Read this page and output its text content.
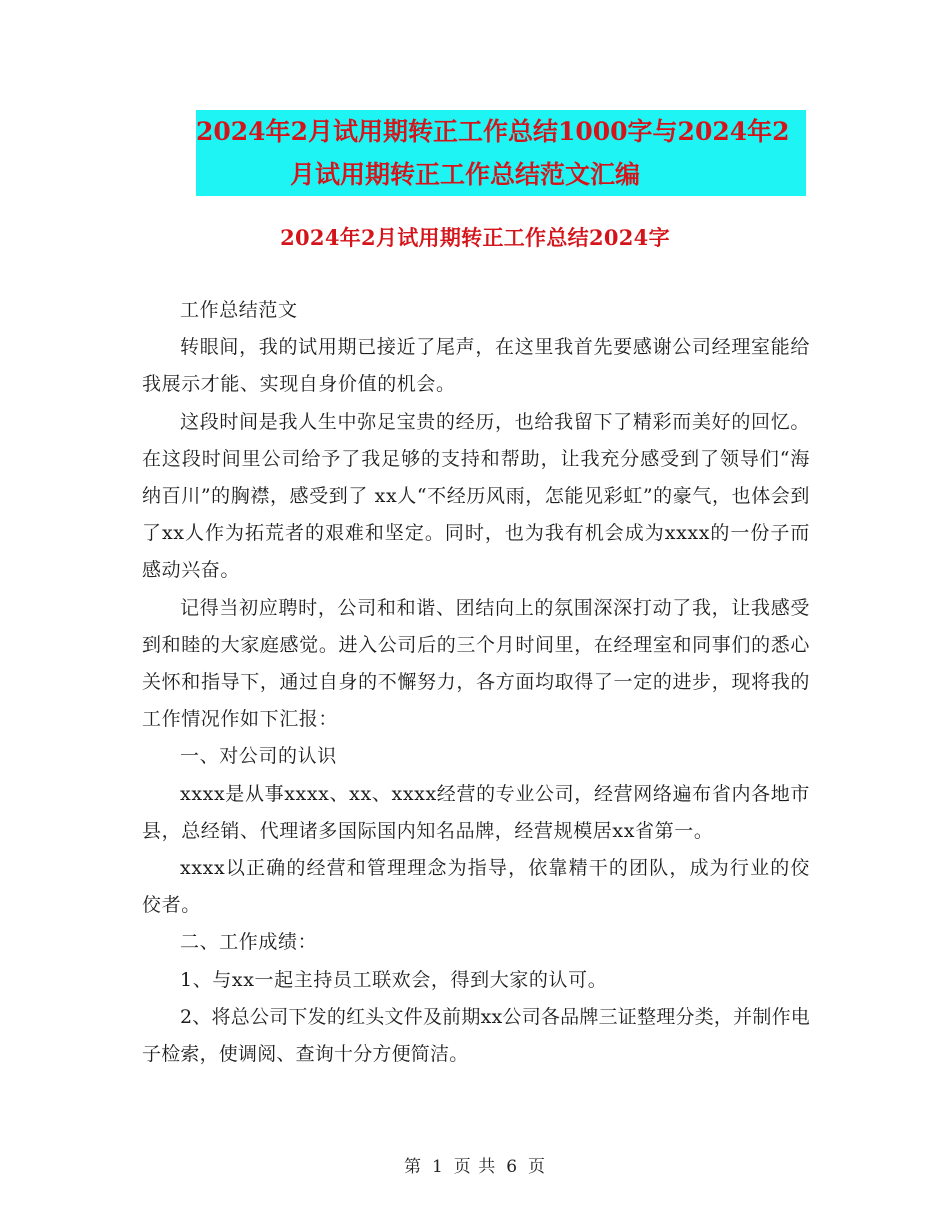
2024年2月试用期转正工作总结1000字与2024年2
月试用期转正工作总结范文汇编
2024年2月试用期转正工作总结2024字

工作总结范文

转眼间，我的试用期已接近了尾声，在这里我首先要感谢公司经理室能给我展示才能、实现自身价值的机会。

这段时间是我人生中弥足宝贵的经历，也给我留下了精彩而美好的回忆。在这段时间里公司给予了我足够的支持和帮助，让我充分感受到了领导们“海纳百川”的胸襟，感受到了 xx人“不经历风雨，怎能见彩虹”的豪气，也体会到了xx人作为拓荒者的艰难和坚定。同时，也为我有机会成为xxxx的一份子而感动兴奋。

记得当初应聘时，公司和和谐、团结向上的氛围深深打动了我，让我感受到和睦的大家庭感觉。进入公司后的三个月时间里，在经理室和同事们的悉心关怀和指导下，通过自身的不懈努力，各方面均取得了一定的进步，现将我的工作情况作如下汇报：

一、对公司的认识

xxxx是从事xxxx、xx、xxxx经营的专业公司，经营网络遍布省内各地市县，总经销、代理诸多国际国内知名品牌，经营规模居xx省第一。

xxxx以正确的经营和管理理念为指导，依靠精干的团队，成为行业的佼佼者。

二、工作成绩：

1、与xx一起主持员工联欢会，得到大家的认可。

2、将总公司下发的红头文件及前期xx公司各品牌三证整理分类，并制作电子检索，使调阅、查询十分方便简洁。

第 1 页 共 6 页
